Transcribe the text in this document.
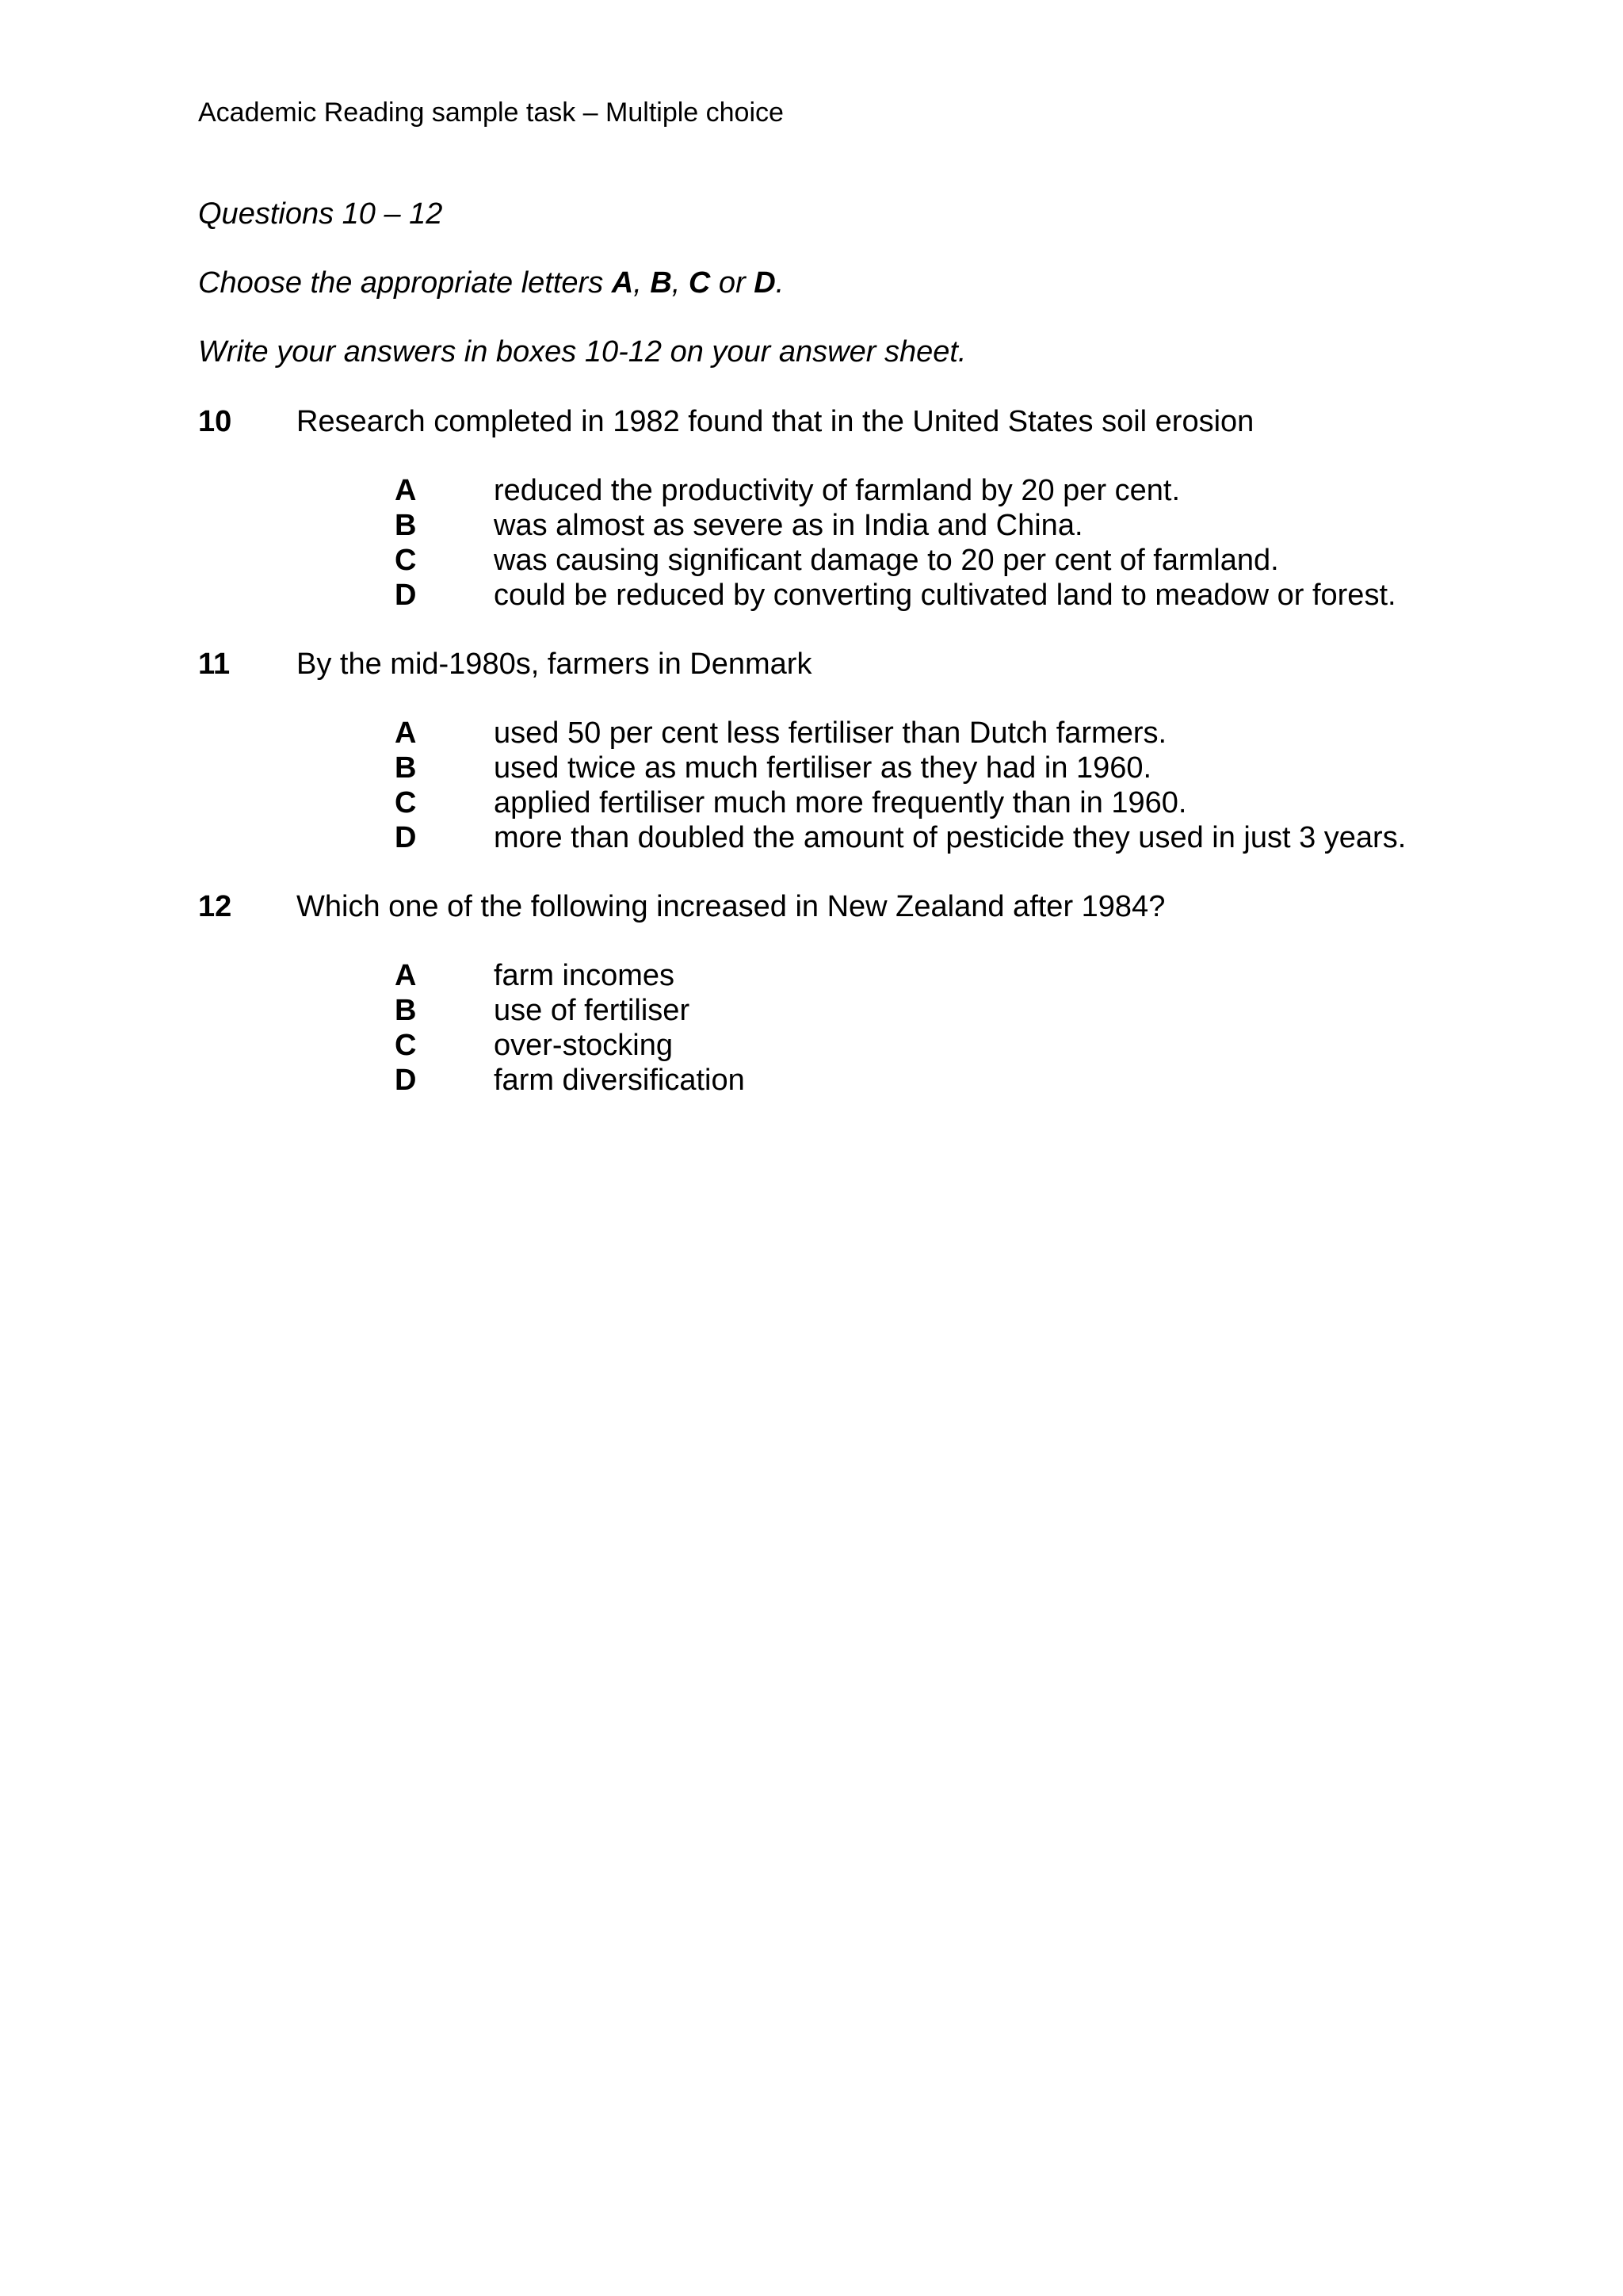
Academic Reading sample task – Multiple choice
Questions 10 – 12
Choose the appropriate letters A, B, C or D.
Write your answers in boxes 10-12 on your answer sheet.
10 Research completed in 1982 found that in the United States soil erosion
A	reduced the productivity of farmland by 20 per cent.
B	was almost as severe as in India and China.
C	was causing significant damage to 20 per cent of farmland.
D	could be reduced by converting cultivated land to meadow or forest.
11 By the mid-1980s, farmers in Denmark
A	used 50 per cent less fertiliser than Dutch farmers.
B	used twice as much fertiliser as they had in 1960.
C	applied fertiliser much more frequently than in 1960.
D	more than doubled the amount of pesticide they used in just 3 years.
12 Which one of the following increased in New Zealand after 1984?
A	farm incomes
B	use of fertiliser
C	over-stocking
D	farm diversification
